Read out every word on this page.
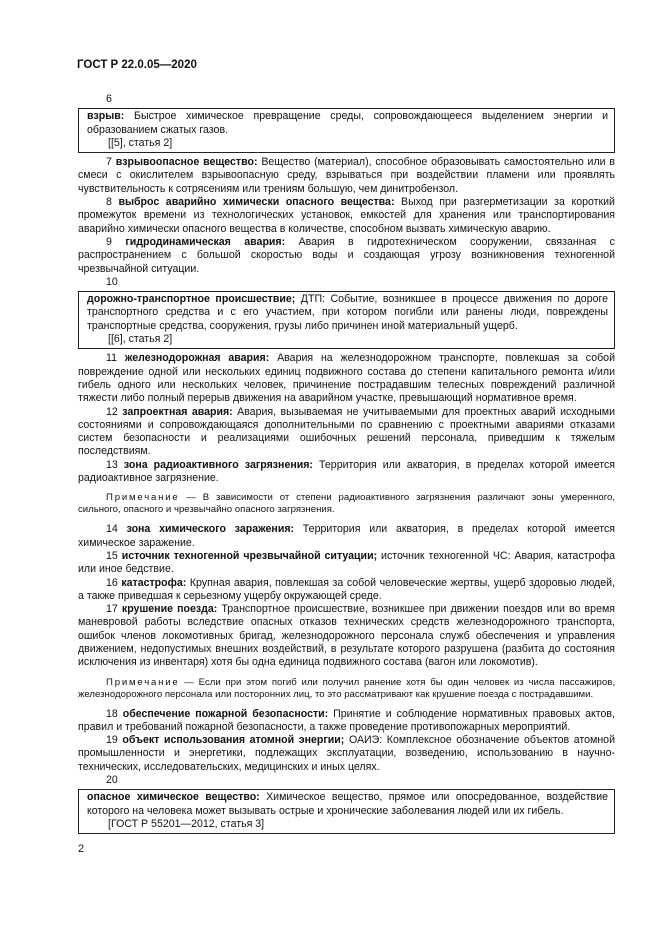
ГОСТ Р 22.0.05—2020
6

взрыв: Быстрое химическое превращение среды, сопровождающееся выделением энергии и образованием сжатых газов.

[[5], статья 2]

7 взрывоопасное вещество: Вещество (материал), способное образовывать самостоятельно или в смеси с окислителем взрывоопасную среду, взрываться при воздействии пламени или проявлять чувствительность к сотрясениям или трениям большую, чем динитробензол.

8 выброс аварийно химически опасного вещества: Выход при разгерметизации за короткий промежуток времени из технологических установок, емкостей для хранения или транспортирования аварийно химически опасного вещества в количестве, способном вызвать химическую аварию.

9 гидродинамическая авария: Авария в гидротехническом сооружении, связанная с распространением с большой скоростью воды и создающая угрозу возникновения техногенной чрезвычайной ситуации.

10

дорожно-транспортное происшествие; ДТП: Событие, возникшее в процессе движения по дороге транспортного средства и с его участием, при котором погибли или ранены люди, повреждены транспортные средства, сооружения, грузы либо причинен иной материальный ущерб.

[[6], статья 2]

11 железнодорожная авария: Авария на железнодорожном транспорте, повлекшая за собой повреждение одной или нескольких единиц подвижного состава до степени капитального ремонта и/или гибель одного или нескольких человек, причинение пострадавшим телесных повреждений различной тяжести либо полный перерыв движения на аварийном участке, превышающий нормативное время.

12 запроектная авария: Авария, вызываемая не учитываемыми для проектных аварий исходными состояниями и сопровождающаяся дополнительными по сравнению с проектными авариями отказами систем безопасности и реализациями ошибочных решений персонала, приведшим к тяжелым последствиям.

13 зона радиоактивного загрязнения: Территория или акватория, в пределах которой имеется радиоактивное загрязнение.

Примечание — В зависимости от степени радиоактивного загрязнения различают зоны умеренного, сильного, опасного и чрезвычайно опасного загрязнения.

14 зона химического заражения: Территория или акватория, в пределах которой имеется химическое заражение.

15 источник техногенной чрезвычайной ситуации; источник техногенной ЧС: Авария, катастрофа или иное бедствие.

16 катастрофа: Крупная авария, повлекшая за собой человеческие жертвы, ущерб здоровью людей, а также приведшая к серьезному ущербу окружающей среде.

17 крушение поезда: Транспортное происшествие, возникшее при движении поездов или во время маневровой работы вследствие опасных отказов технических средств железнодорожного транспорта, ошибок членов локомотивных бригад, железнодорожного персонала служб обеспечения и управления движением, недопустимых внешних воздействий, в результате которого разрушена (разбита до состояния исключения из инвентаря) хотя бы одна единица подвижного состава (вагон или локомотив).

Примечание — Если при этом погиб или получил ранение хотя бы один человек из числа пассажиров, железнодорожного персонала или посторонних лиц, то это рассматривают как крушение поезда с пострадавшими.

18 обеспечение пожарной безопасности: Принятие и соблюдение нормативных правовых актов, правил и требований пожарной безопасности, а также проведение противопожарных мероприятий.

19 объект использования атомной энергии; ОАИЭ: Комплексное обозначение объектов атомной промышленности и энергетики, подлежащих эксплуатации, возведению, использованию в научно-технических, исследовательских, медицинских и иных целях.

20

опасное химическое вещество: Химическое вещество, прямое или опосредованное, воздействие которого на человека может вызывать острые и хронические заболевания людей или их гибель.

[ГОСТ Р 55201—2012, статья 3]

2
